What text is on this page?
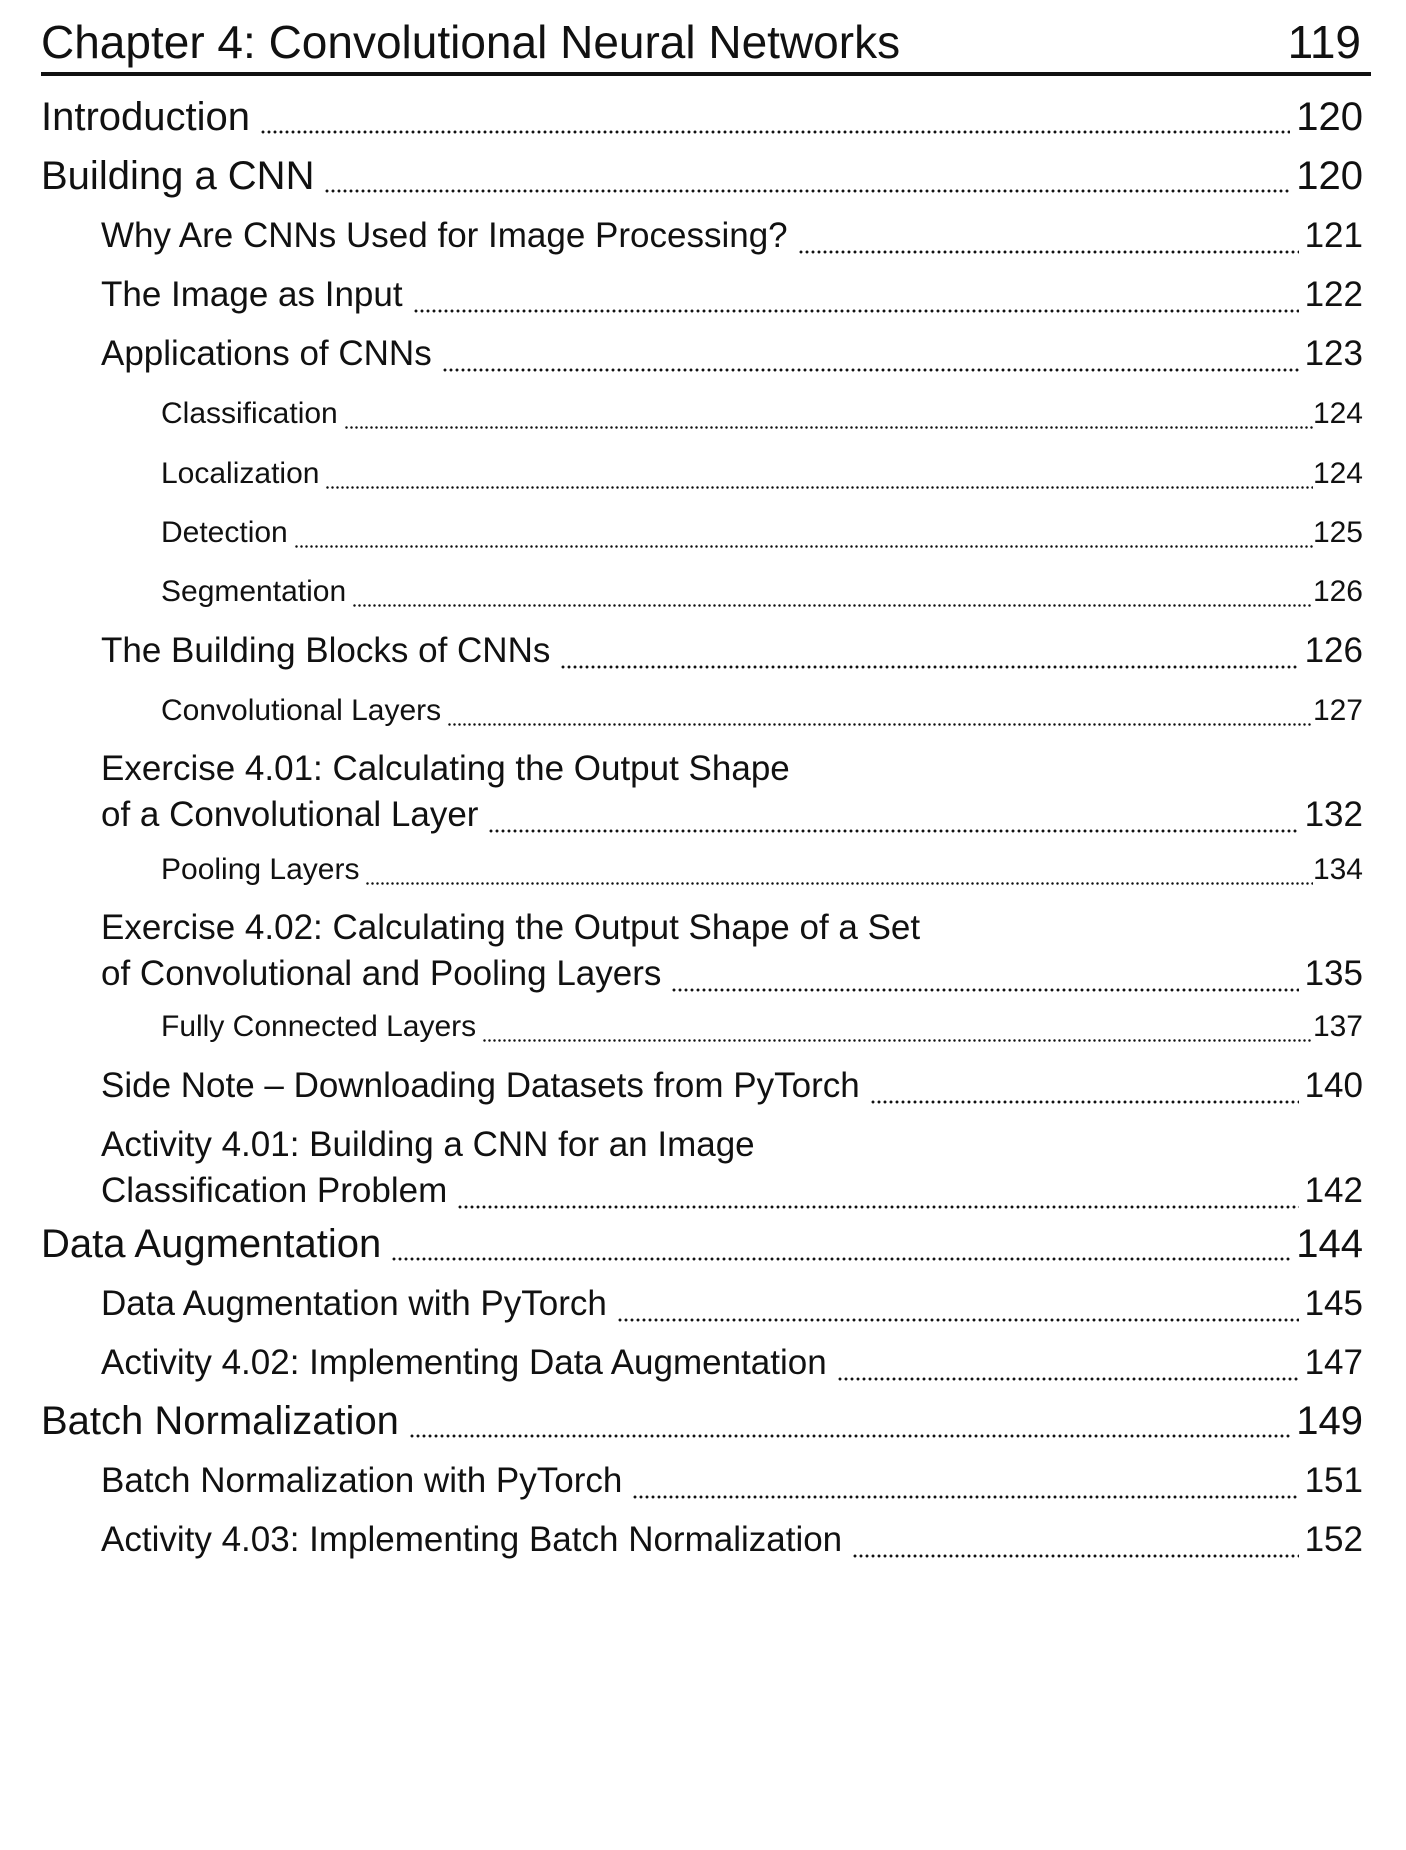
Chapter 4: Convolutional Neural Networks	119
Introduction	120
Building a CNN	120
Why Are CNNs Used for Image Processing?	121
The Image as Input	122
Applications of CNNs	123
Classification	124
Localization	124
Detection	125
Segmentation	126
The Building Blocks of CNNs	126
Convolutional Layers	127
Exercise 4.01: Calculating the Output Shape
of a Convolutional Layer	132
Pooling Layers	134
Exercise 4.02: Calculating the Output Shape of a Set
of Convolutional and Pooling Layers	135
Fully Connected Layers	137
Side Note – Downloading Datasets from PyTorch	140
Activity 4.01: Building a CNN for an Image
Classification Problem	142
Data Augmentation	144
Data Augmentation with PyTorch	145
Activity 4.02: Implementing Data Augmentation	147
Batch Normalization	149
Batch Normalization with PyTorch	151
Activity 4.03: Implementing Batch Normalization	152
